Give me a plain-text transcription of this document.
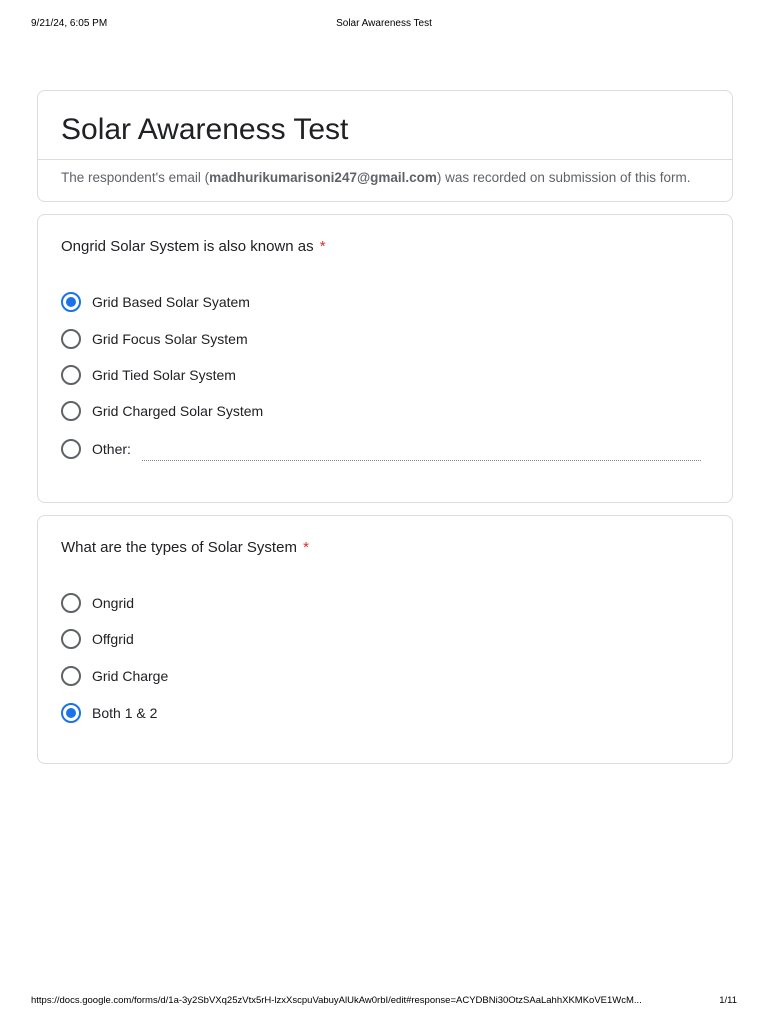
9/21/24, 6:05 PM	Solar Awareness Test
Solar Awareness Test
The respondent's email (madhurikumarisoni247@gmail.com) was recorded on submission of this form.
Ongrid Solar System is also known as *
Grid Based Solar Syatem
Grid Focus Solar System
Grid Tied Solar System
Grid Charged Solar System
Other:
What are the types of Solar System *
Ongrid
Offgrid
Grid Charge
Both 1 & 2
https://docs.google.com/forms/d/1a-3y2SbVXq25zVtx5rH-lzxXscpuVabuyAlUkAw0rbI/edit#response=ACYDBNi30OtzSAaLahhXKMKoVE1WcM...	1/11
